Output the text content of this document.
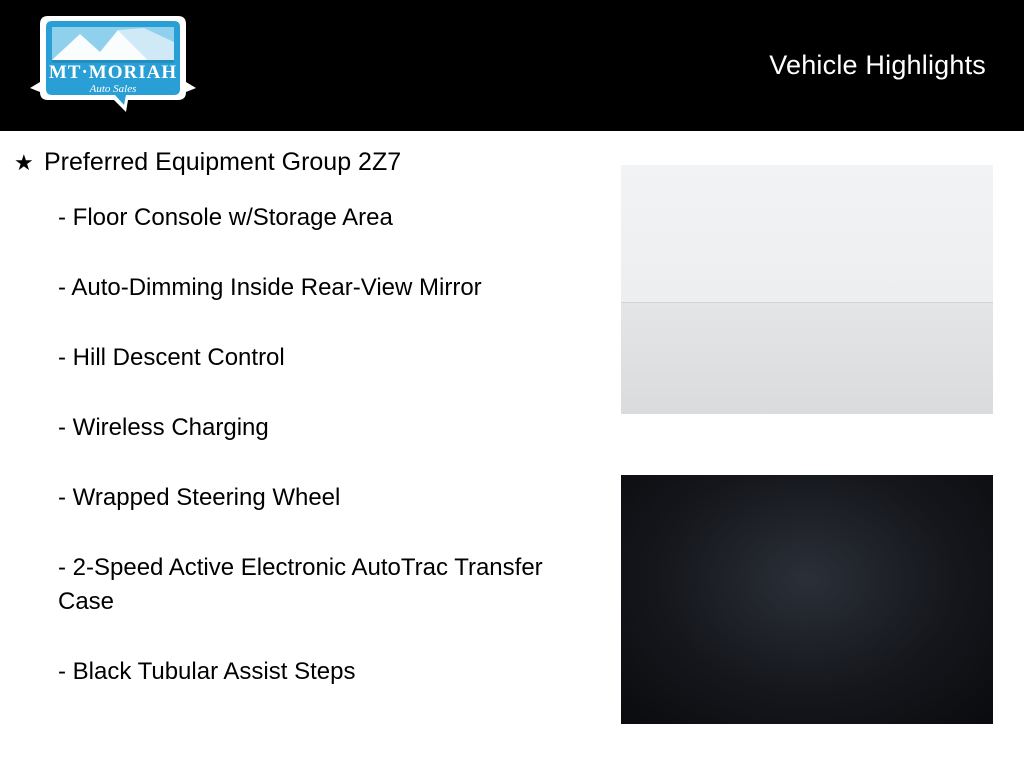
MT·MORIAH
Auto Sales
Vehicle Highlights
★ Preferred Equipment Group 2Z7
- Floor Console w/Storage Area
- Auto-Dimming Inside Rear-View Mirror
- Hill Descent Control
- Wireless Charging
- Wrapped Steering Wheel
- 2-Speed Active Electronic AutoTrac Transfer Case
- Black Tubular Assist Steps
